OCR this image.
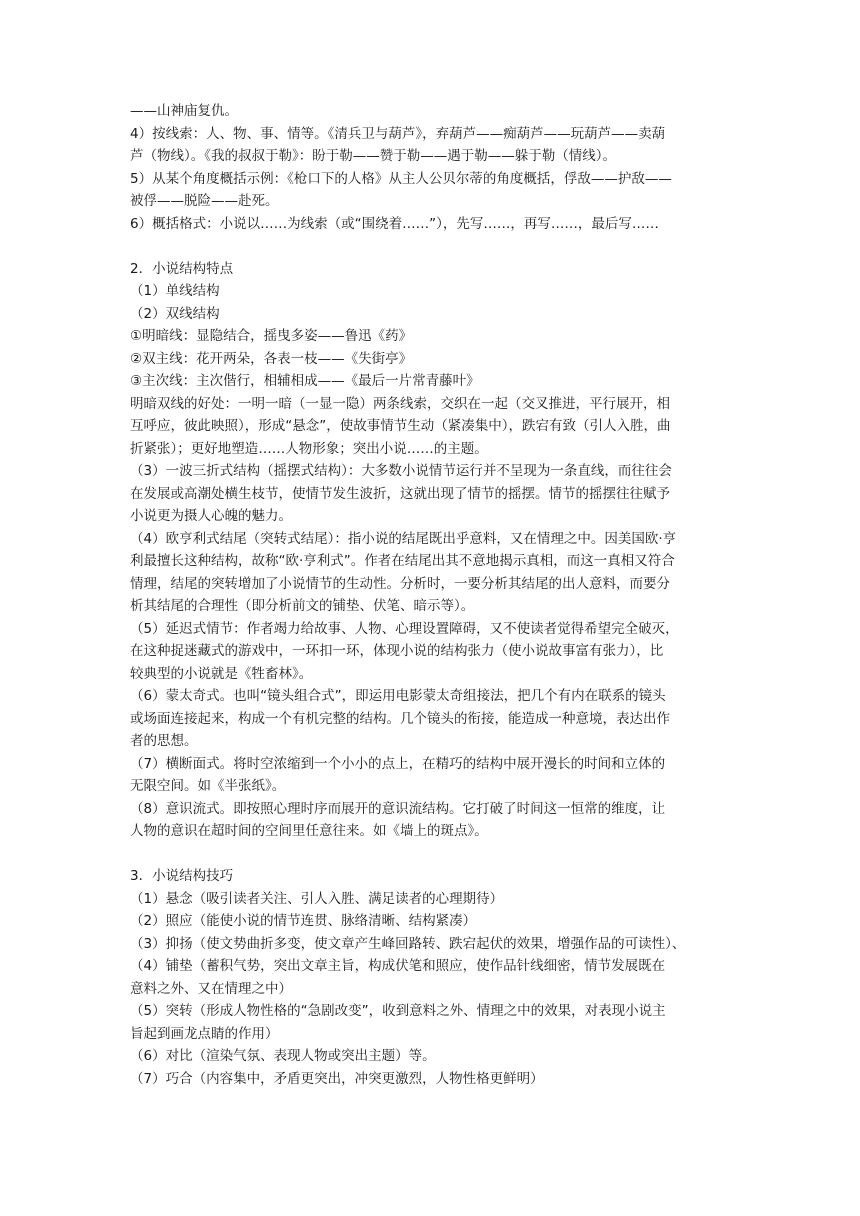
——山神庙复仇。
4）按线索：人、物、事、情等。《清兵卫与葫芦》，弃葫芦——痴葫芦——玩葫芦——卖葫
芦（物线）。《我的叔叔于勒》：盼于勒——赞于勒——遇于勒——躲于勒（情线）。
5）从某个角度概括示例：《枪口下的人格》从主人公贝尔蒂的角度概括，俘敌——护敌——
被俘——脱险——赴死。
6）概括格式：小说以……为线索（或“围绕着……”），先写……，再写……，最后写……
2．小说结构特点
（1）单线结构
（2）双线结构
①明暗线：显隐结合，摇曳多姿——鲁迅《药》
②双主线：花开两朵，各表一枝——《失街亭》
③主次线：主次偕行，相辅相成——《最后一片常青藤叶》
明暗双线的好处：一明一暗（一显一隐）两条线索，交织在一起（交叉推进，平行展开，相
互呼应，彼此映照），形成“悬念”，使故事情节生动（紧凑集中），跌宕有致（引人入胜，曲
折紧张）；更好地塑造……人物形象；突出小说……的主题。
（3）一波三折式结构（摇摆式结构）：大多数小说情节运行并不呈现为一条直线，而往往会
在发展或高潮处横生枝节，使情节发生波折，这就出现了情节的摇摆。情节的摇摆往往赋予
小说更为摄人心魄的魅力。
（4）欧亨利式结尾（突转式结尾）：指小说的结尾既出乎意料，又在情理之中。因美国欧·亨
利最擅长这种结构，故称“欧·亨利式”。作者在结尾出其不意地揭示真相，而这一真相又符合
情理，结尾的突转增加了小说情节的生动性。分析时，一要分析其结尾的出人意料，而要分
析其结尾的合理性（即分析前文的铺垫、伏笔、暗示等）。
（5）延迟式情节：作者竭力给故事、人物、心理设置障碍，又不使读者觉得希望完全破灭，
在这种捉迷藏式的游戏中，一环扣一环，体现小说的结构张力（使小说故事富有张力），比
较典型的小说就是《牲畜林》。
（6）蒙太奇式。也叫“镜头组合式”，即运用电影蒙太奇组接法，把几个有内在联系的镜头
或场面连接起来，构成一个有机完整的结构。几个镜头的衔接，能造成一种意境，表达出作
者的思想。
（7）横断面式。将时空浓缩到一个小小的点上，在精巧的结构中展开漫长的时间和立体的
无限空间。如《半张纸》。
（8）意识流式。即按照心理时序而展开的意识流结构。它打破了时间这一恒常的维度，让
人物的意识在超时间的空间里任意往来。如《墙上的斑点》。
3．小说结构技巧
（1）悬念（吸引读者关注、引人入胜、满足读者的心理期待）
（2）照应（能使小说的情节连贯、脉络清晰、结构紧凑）
（3）抑扬（使文势曲折多变，使文章产生峰回路转、跌宕起伏的效果，增强作品的可读性）、
（4）铺垫（蓄积气势，突出文章主旨，构成伏笔和照应，使作品针线细密，情节发展既在
意料之外、又在情理之中）
（5）突转（形成人物性格的“急剧改变”，收到意料之外、情理之中的效果，对表现小说主
旨起到画龙点睛的作用）
（6）对比（渲染气氛、表现人物或突出主题）等。
（7）巧合（内容集中，矛盾更突出，冲突更激烈，人物性格更鲜明）
